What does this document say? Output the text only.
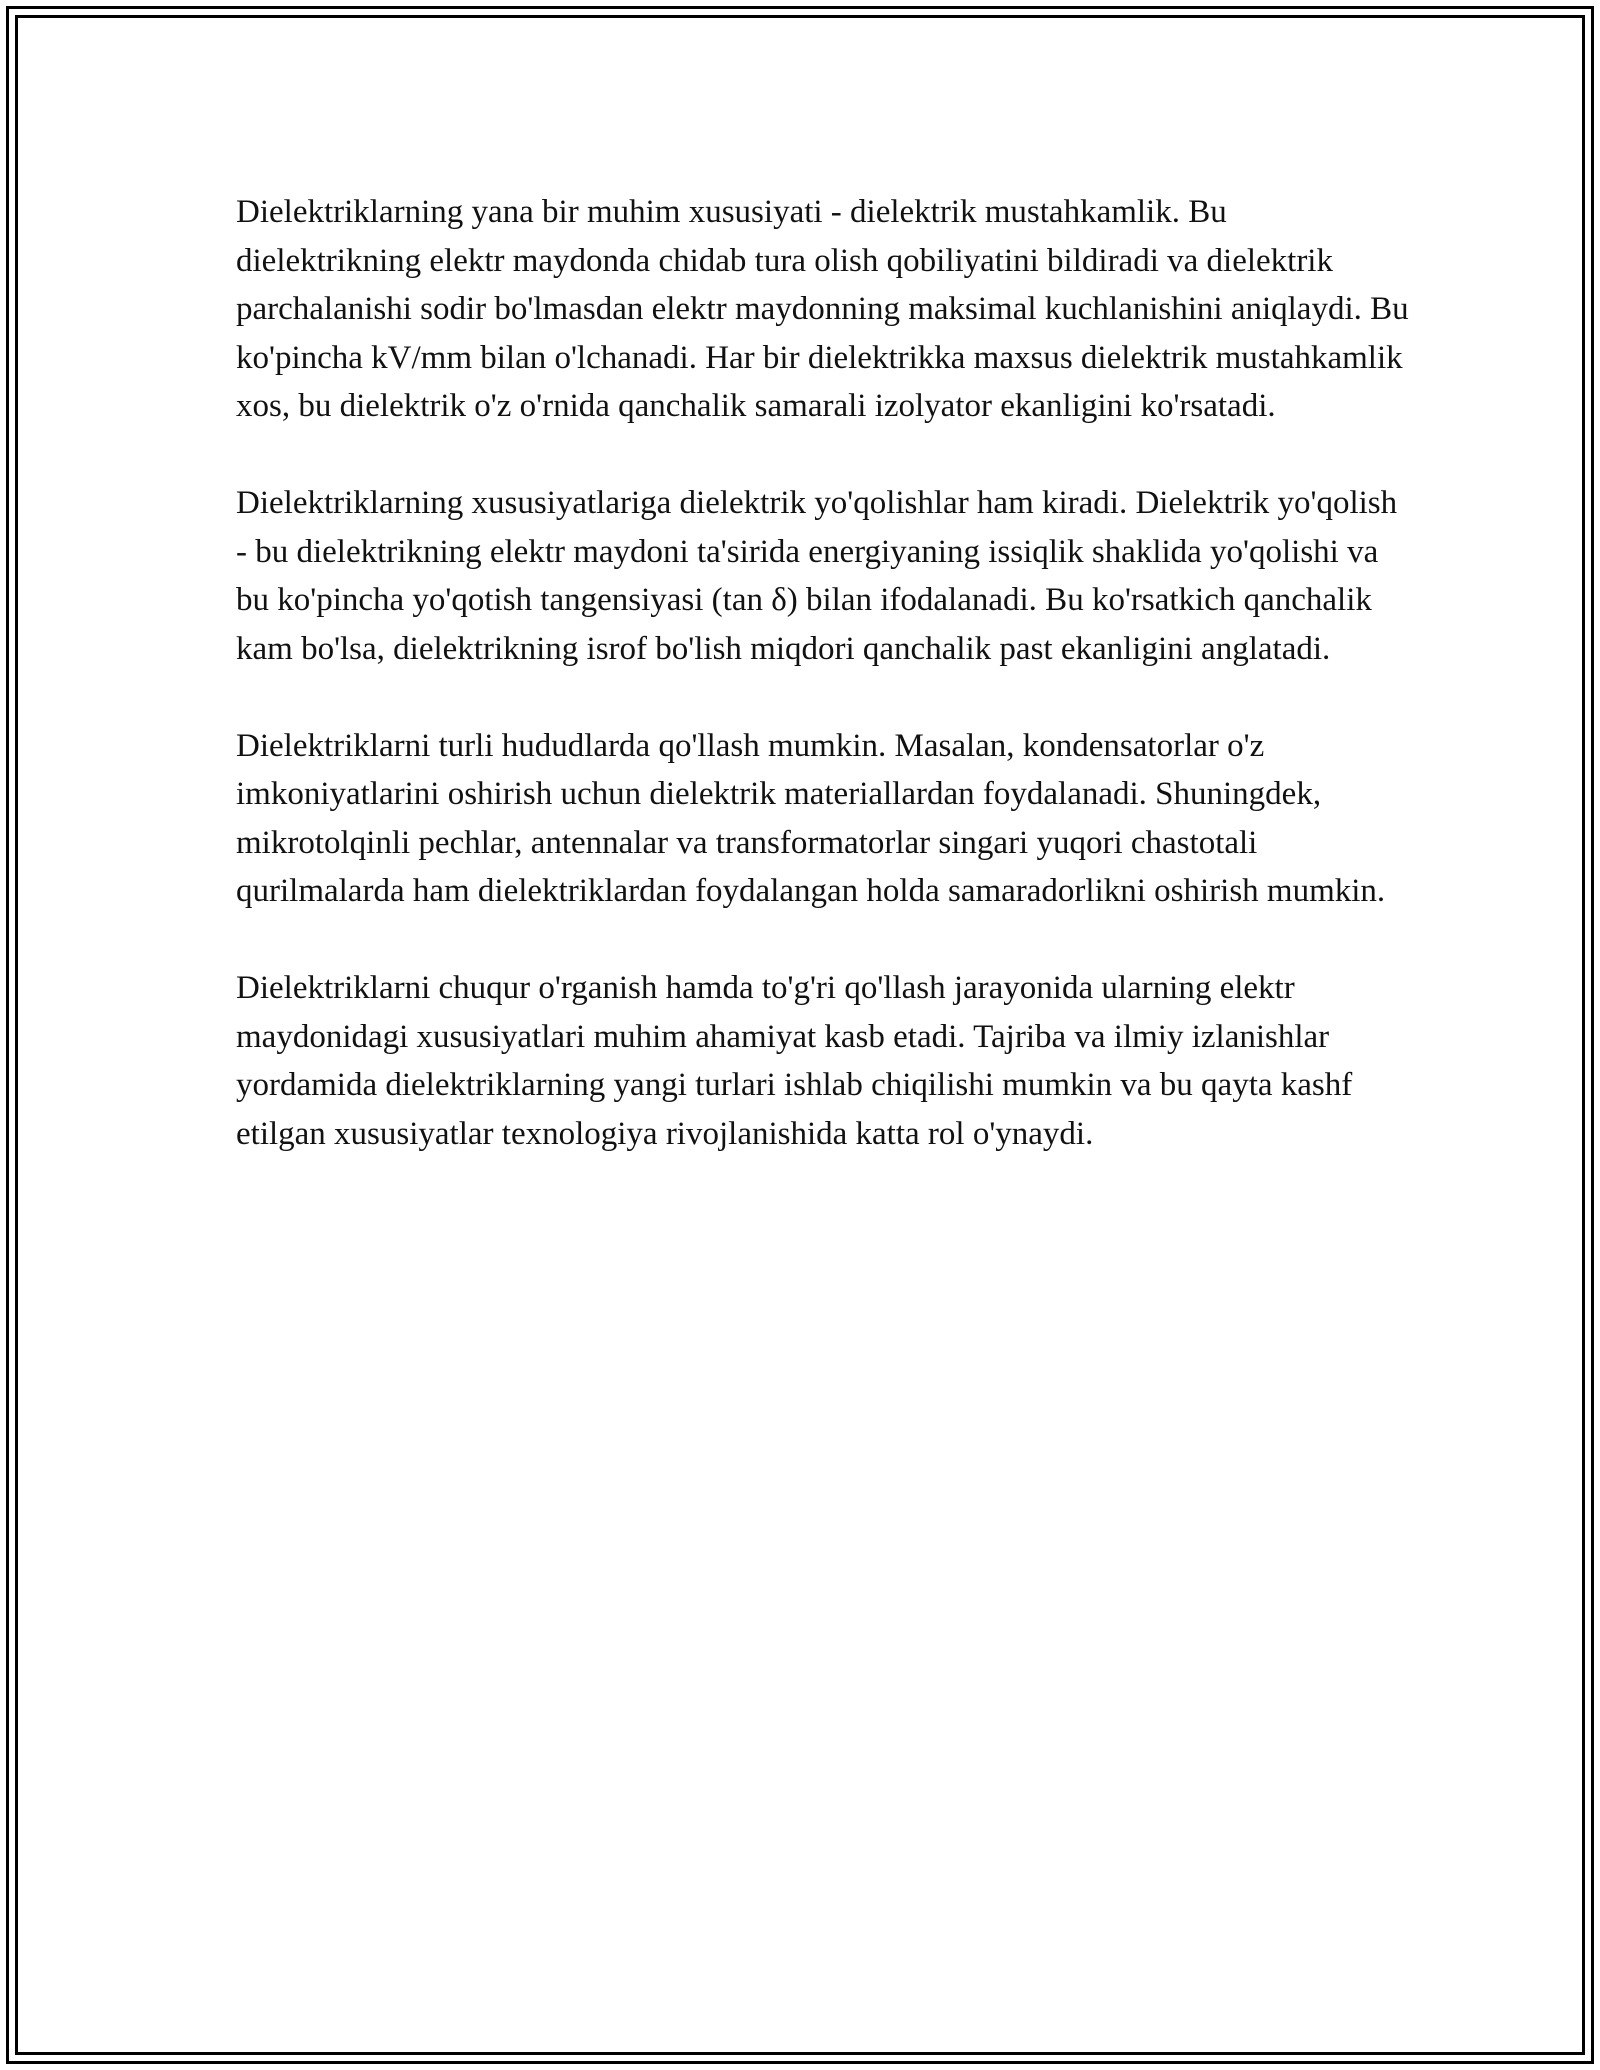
Dielektriklarning yana bir muhim xususiyati - dielektrik mustahkamlik. Bu dielektrikning elektr maydonda chidab tura olish qobiliyatini bildiradi va dielektrik parchalanishi sodir bo'lmasdan elektr maydonning maksimal kuchlanishini aniqlaydi. Bu ko'pincha kV/mm bilan o'lchanadi. Har bir dielektrikka maxsus dielektrik mustahkamlik xos, bu dielektrik o'z o'rnida qanchalik samarali izolyator ekanligini ko'rsatadi.

Dielektriklarning xususiyatlariga dielektrik yo'qolishlar ham kiradi. Dielektrik yo'qolish - bu dielektrikning elektr maydoni ta'sirida energiyaning issiqlik shaklida yo'qolishi va bu ko'pincha yo'qotish tangensiyasi (tan δ) bilan ifodalanadi. Bu ko'rsatkich qanchalik kam bo'lsa, dielektrikning isrof bo'lish miqdori qanchalik past ekanligini anglatadi.

Dielektriklarni turli hududlarda qo'llash mumkin. Masalan, kondensatorlar o'z imkoniyatlarini oshirish uchun dielektrik materiallardan foydalanadi. Shuningdek, mikrotolqinli pechlar, antennalar va transformatorlar singari yuqori chastotali qurilmalarda ham dielektriklardan foydalangan holda samaradorlikni oshirish mumkin.

Dielektriklarni chuqur o'rganish hamda to'g'ri qo'llash jarayonida ularning elektr maydonidagi xususiyatlari muhim ahamiyat kasb etadi. Tajriba va ilmiy izlanishlar yordamida dielektriklarning yangi turlari ishlab chiqilishi mumkin va bu qayta kashf etilgan xususiyatlar texnologiya rivojlanishida katta rol o'ynaydi.
